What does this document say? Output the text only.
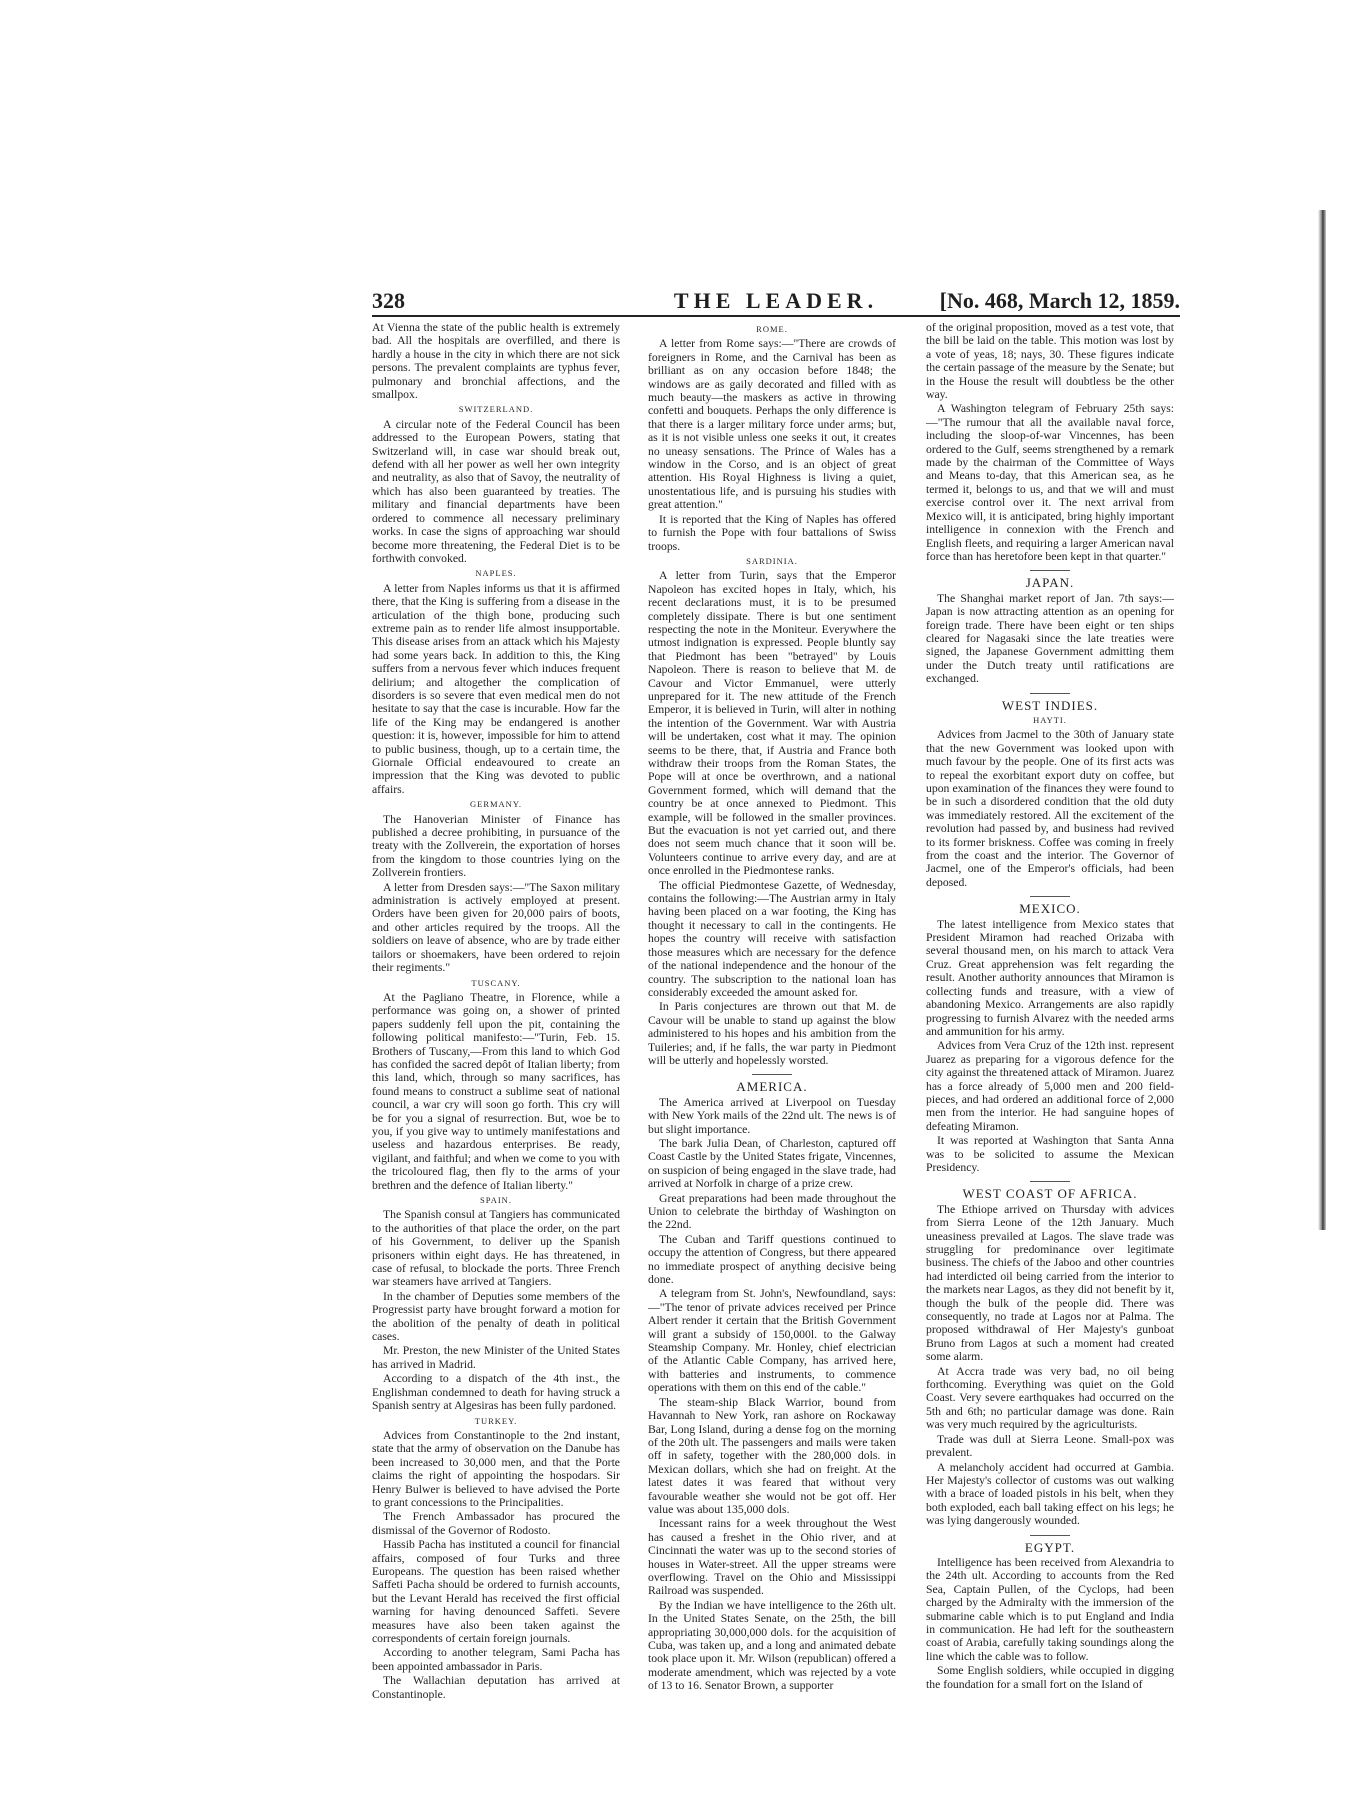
328	THE LEADER.	[No. 468, March 12, 1859.

At Vienna the state of the public health is extremely bad. All the hospitals are overfilled, and there is hardly a house in the city in which there are not sick persons. The prevalent complaints are typhus fever, pulmonary and bronchial affections, and the smallpox.

SWITZERLAND.

A circular note of the Federal Council has been addressed to the European Powers, stating that Switzerland will, in case war should break out, defend with all her power as well her own integrity and neutrality, as also that of Savoy, the neutrality of which has also been guaranteed by treaties. The military and financial departments have been ordered to commence all necessary preliminary works. In case the signs of approaching war should become more threatening, the Federal Diet is to be forthwith convoked.

NAPLES.

A letter from Naples informs us that it is affirmed there, that the King is suffering from a disease in the articulation of the thigh bone, producing such extreme pain as to render life almost insupportable. This disease arises from an attack which his Majesty had some years back. In addition to this, the King suffers from a nervous fever which induces frequent delirium; and altogether the complication of disorders is so severe that even medical men do not hesitate to say that the case is incurable. How far the life of the King may be endangered is another question: it is, however, impossible for him to attend to public business, though, up to a certain time, the Giornale Official endeavoured to create an impression that the King was devoted to public affairs.

GERMANY.

The Hanoverian Minister of Finance has published a decree prohibiting, in pursuance of the treaty with the Zollverein, the exportation of horses from the kingdom to those countries lying on the Zollverein frontiers.

A letter from Dresden says:—"The Saxon military administration is actively employed at present. Orders have been given for 20,000 pairs of boots, and other articles required by the troops. All the soldiers on leave of absence, who are by trade either tailors or shoemakers, have been ordered to rejoin their regiments."

TUSCANY.

At the Pagliano Theatre, in Florence, while a performance was going on, a shower of printed papers suddenly fell upon the pit, containing the following political manifesto:—"Turin, Feb. 15. Brothers of Tuscany,—From this land to which God has confided the sacred depôt of Italian liberty; from this land, which, through so many sacrifices, has found means to construct a sublime seat of national council, a war cry will soon go forth. This cry will be for you a signal of resurrection. But, woe be to you, if you give way to untimely manifestations and useless and hazardous enterprises. Be ready, vigilant, and faithful; and when we come to you with the tricoloured flag, then fly to the arms of your brethren and the defence of Italian liberty."

SPAIN.

The Spanish consul at Tangiers has communicated to the authorities of that place the order, on the part of his Government, to deliver up the Spanish prisoners within eight days. He has threatened, in case of refusal, to blockade the ports. Three French war steamers have arrived at Tangiers.

In the chamber of Deputies some members of the Progressist party have brought forward a motion for the abolition of the penalty of death in political cases.

Mr. Preston, the new Minister of the United States has arrived in Madrid.

According to a dispatch of the 4th inst., the Englishman condemned to death for having struck a Spanish sentry at Algesiras has been fully pardoned.

TURKEY.

Advices from Constantinople to the 2nd instant, state that the army of observation on the Danube has been increased to 30,000 men, and that the Porte claims the right of appointing the hospodars. Sir Henry Bulwer is believed to have advised the Porte to grant concessions to the Principalities.

The French Ambassador has procured the dismissal of the Governor of Rodosto.

Hassib Pacha has instituted a council for financial affairs, composed of four Turks and three Europeans. The question has been raised whether Saffeti Pacha should be ordered to furnish accounts, but the Levant Herald has received the first official warning for having denounced Saffeti. Severe measures have also been taken against the correspondents of certain foreign journals.

According to another telegram, Sami Pacha has been appointed ambassador in Paris.

The Wallachian deputation has arrived at Constantinople.

ROME.

A letter from Rome says:—"There are crowds of foreigners in Rome, and the Carnival has been as brilliant as on any occasion before 1848; the windows are as gaily decorated and filled with as much beauty—the maskers as active in throwing confetti and bouquets. Perhaps the only difference is that there is a larger military force under arms; but, as it is not visible unless one seeks it out, it creates no uneasy sensations. The Prince of Wales has a window in the Corso, and is an object of great attention. His Royal Highness is living a quiet, unostentatious life, and is pursuing his studies with great attention."

It is reported that the King of Naples has offered to furnish the Pope with four battalions of Swiss troops.

SARDINIA.

A letter from Turin, says that the Emperor Napoleon has excited hopes in Italy, which, his recent declarations must, it is to be presumed completely dissipate. There is but one sentiment respecting the note in the Moniteur. Everywhere the utmost indignation is expressed. People bluntly say that Piedmont has been "betrayed" by Louis Napoleon. There is reason to believe that M. de Cavour and Victor Emmanuel, were utterly unprepared for it. The new attitude of the French Emperor, it is believed in Turin, will alter in nothing the intention of the Government. War with Austria will be undertaken, cost what it may. The opinion seems to be there, that, if Austria and France both withdraw their troops from the Roman States, the Pope will at once be overthrown, and a national Government formed, which will demand that the country be at once annexed to Piedmont. This example, will be followed in the smaller provinces. But the evacuation is not yet carried out, and there does not seem much chance that it soon will be. Volunteers continue to arrive every day, and are at once enrolled in the Piedmontese ranks.

The official Piedmontese Gazette, of Wednesday, contains the following:—The Austrian army in Italy having been placed on a war footing, the King has thought it necessary to call in the contingents. He hopes the country will receive with satisfaction those measures which are necessary for the defence of the national independence and the honour of the country. The subscription to the national loan has considerably exceeded the amount asked for.

In Paris conjectures are thrown out that M. de Cavour will be unable to stand up against the blow administered to his hopes and his ambition from the Tuileries; and, if he falls, the war party in Piedmont will be utterly and hopelessly worsted.

AMERICA.

The America arrived at Liverpool on Tuesday with New York mails of the 22nd ult. The news is of but slight importance.

The bark Julia Dean, of Charleston, captured off Coast Castle by the United States frigate, Vincennes, on suspicion of being engaged in the slave trade, had arrived at Norfolk in charge of a prize crew.

Great preparations had been made throughout the Union to celebrate the birthday of Washington on the 22nd.

The Cuban and Tariff questions continued to occupy the attention of Congress, but there appeared no immediate prospect of anything decisive being done.

A telegram from St. John's, Newfoundland, says:—"The tenor of private advices received per Prince Albert render it certain that the British Government will grant a subsidy of 150,000l. to the Galway Steamship Company. Mr. Honley, chief electrician of the Atlantic Cable Company, has arrived here, with batteries and instruments, to commence operations with them on this end of the cable."

The steam-ship Black Warrior, bound from Havannah to New York, ran ashore on Rockaway Bar, Long Island, during a dense fog on the morning of the 20th ult. The passengers and mails were taken off in safety, together with the 280,000 dols. in Mexican dollars, which she had on freight. At the latest dates it was feared that without very favourable weather she would not be got off. Her value was about 135,000 dols.

Incessant rains for a week throughout the West has caused a freshet in the Ohio river, and at Cincinnati the water was up to the second stories of houses in Water-street. All the upper streams were overflowing. Travel on the Ohio and Mississippi Railroad was suspended.

By the Indian we have intelligence to the 26th ult. In the United States Senate, on the 25th, the bill appropriating 30,000,000 dols. for the acquisition of Cuba, was taken up, and a long and animated debate took place upon it. Mr. Wilson (republican) offered a moderate amendment, which was rejected by a vote of 13 to 16. Senator Brown, a supporter

of the original proposition, moved as a test vote, that the bill be laid on the table. This motion was lost by a vote of yeas, 18; nays, 30. These figures indicate the certain passage of the measure by the Senate; but in the House the result will doubtless be the other way.

A Washington telegram of February 25th says:—"The rumour that all the available naval force, including the sloop-of-war Vincennes, has been ordered to the Gulf, seems strengthened by a remark made by the chairman of the Committee of Ways and Means to-day, that this American sea, as he termed it, belongs to us, and that we will and must exercise control over it. The next arrival from Mexico will, it is anticipated, bring highly important intelligence in connexion with the French and English fleets, and requiring a larger American naval force than has heretofore been kept in that quarter."

JAPAN.

The Shanghai market report of Jan. 7th says:—Japan is now attracting attention as an opening for foreign trade. There have been eight or ten ships cleared for Nagasaki since the late treaties were signed, the Japanese Government admitting them under the Dutch treaty until ratifications are exchanged.

WEST INDIES.
HAYTI.

Advices from Jacmel to the 30th of January state that the new Government was looked upon with much favour by the people. One of its first acts was to repeal the exorbitant export duty on coffee, but upon examination of the finances they were found to be in such a disordered condition that the old duty was immediately restored. All the excitement of the revolution had passed by, and business had revived to its former briskness. Coffee was coming in freely from the coast and the interior. The Governor of Jacmel, one of the Emperor's officials, had been deposed.

MEXICO.

The latest intelligence from Mexico states that President Miramon had reached Orizaba with several thousand men, on his march to attack Vera Cruz. Great apprehension was felt regarding the result. Another authority announces that Miramon is collecting funds and treasure, with a view of abandoning Mexico. Arrangements are also rapidly progressing to furnish Alvarez with the needed arms and ammunition for his army.

Advices from Vera Cruz of the 12th inst. represent Juarez as preparing for a vigorous defence for the city against the threatened attack of Miramon. Juarez has a force already of 5,000 men and 200 field-pieces, and had ordered an additional force of 2,000 men from the interior. He had sanguine hopes of defeating Miramon.

It was reported at Washington that Santa Anna was to be solicited to assume the Mexican Presidency.

WEST COAST OF AFRICA.

The Ethiope arrived on Thursday with advices from Sierra Leone of the 12th January. Much uneasiness prevailed at Lagos. The slave trade was struggling for predominance over legitimate business. The chiefs of the Jaboo and other countries had interdicted oil being carried from the interior to the markets near Lagos, as they did not benefit by it, though the bulk of the people did. There was consequently, no trade at Lagos nor at Palma. The proposed withdrawal of Her Majesty's gunboat Bruno from Lagos at such a moment had created some alarm.

At Accra trade was very bad, no oil being forthcoming. Everything was quiet on the Gold Coast. Very severe earthquakes had occurred on the 5th and 6th; no particular damage was done. Rain was very much required by the agriculturists.

Trade was dull at Sierra Leone. Small-pox was prevalent.

A melancholy accident had occurred at Gambia. Her Majesty's collector of customs was out walking with a brace of loaded pistols in his belt, when they both exploded, each ball taking effect on his legs; he was lying dangerously wounded.

EGYPT.

Intelligence has been received from Alexandria to the 24th ult. According to accounts from the Red Sea, Captain Pullen, of the Cyclops, had been charged by the Admiralty with the immersion of the submarine cable which is to put England and India in communication. He had left for the southeastern coast of Arabia, carefully taking soundings along the line which the cable was to follow.

Some English soldiers, while occupied in digging the foundation for a small fort on the Island of
